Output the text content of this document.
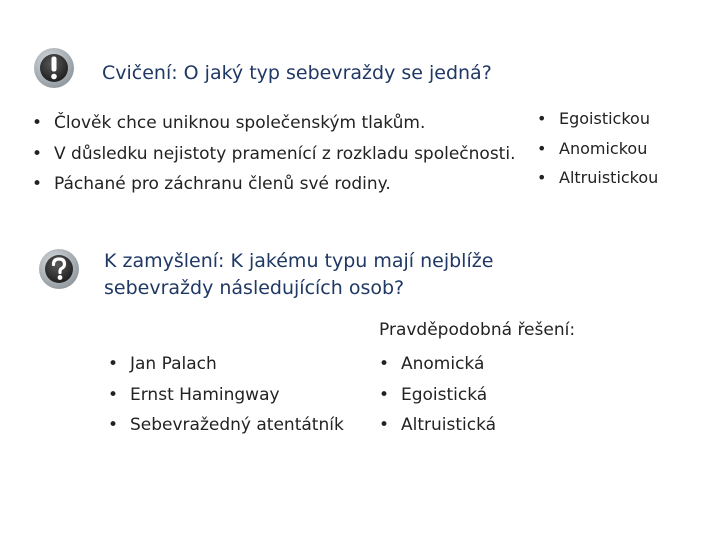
Cvičení: O jaký typ sebevraždy se jedná?
• Člověk chce uniknou společenským tlakům.
• V důsledku nejistoty pramenící z rozkladu společnosti.
• Páchané pro záchranu členů své rodiny.
• Egoistickou
• Anomickou
• Altruistickou
K zamyšlení: K jakému typu mají nejblíže
sebevraždy následujících osob?
• Jan Palach
• Ernst Hamingway
• Sebevražedný atentátník
Pravděpodobná řešení:
• Anomická
• Egoistická
• Altruistická
